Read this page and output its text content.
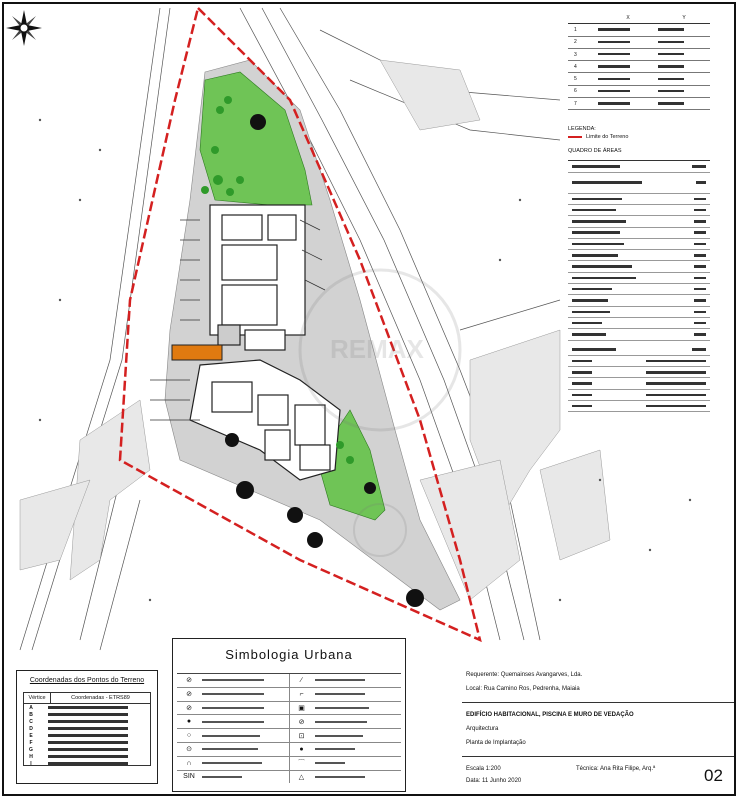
REMAX
X	Y
1
2
3
4
5
6
7
LEGENDA:
Limite do Terreno
QUADRO DE ÁREAS
Coordenadas dos Pontos do Terreno
Vértice	Coordenadas - ETRS89
A
B
C
D
E
F
G
H
I
Simbologia Urbana
⊘	∕
⊘	⌐
⊘	▣
●	⊘
○	⊡
⊙	●
∩	⌒
SIN	△
Requerente: Quemainses Avangarves, Lda.
Local: Rua Camino Ros, Pedrenha, Maiaia
EDIFÍCIO HABITACIONAL, PISCINA E MURO DE VEDAÇÃO
Arquitectura
Planta de Implantação
Escala 1:200	Técnica: Ana Rita Filipe, Arq.ª
Data: 11 Junho 2020	02
